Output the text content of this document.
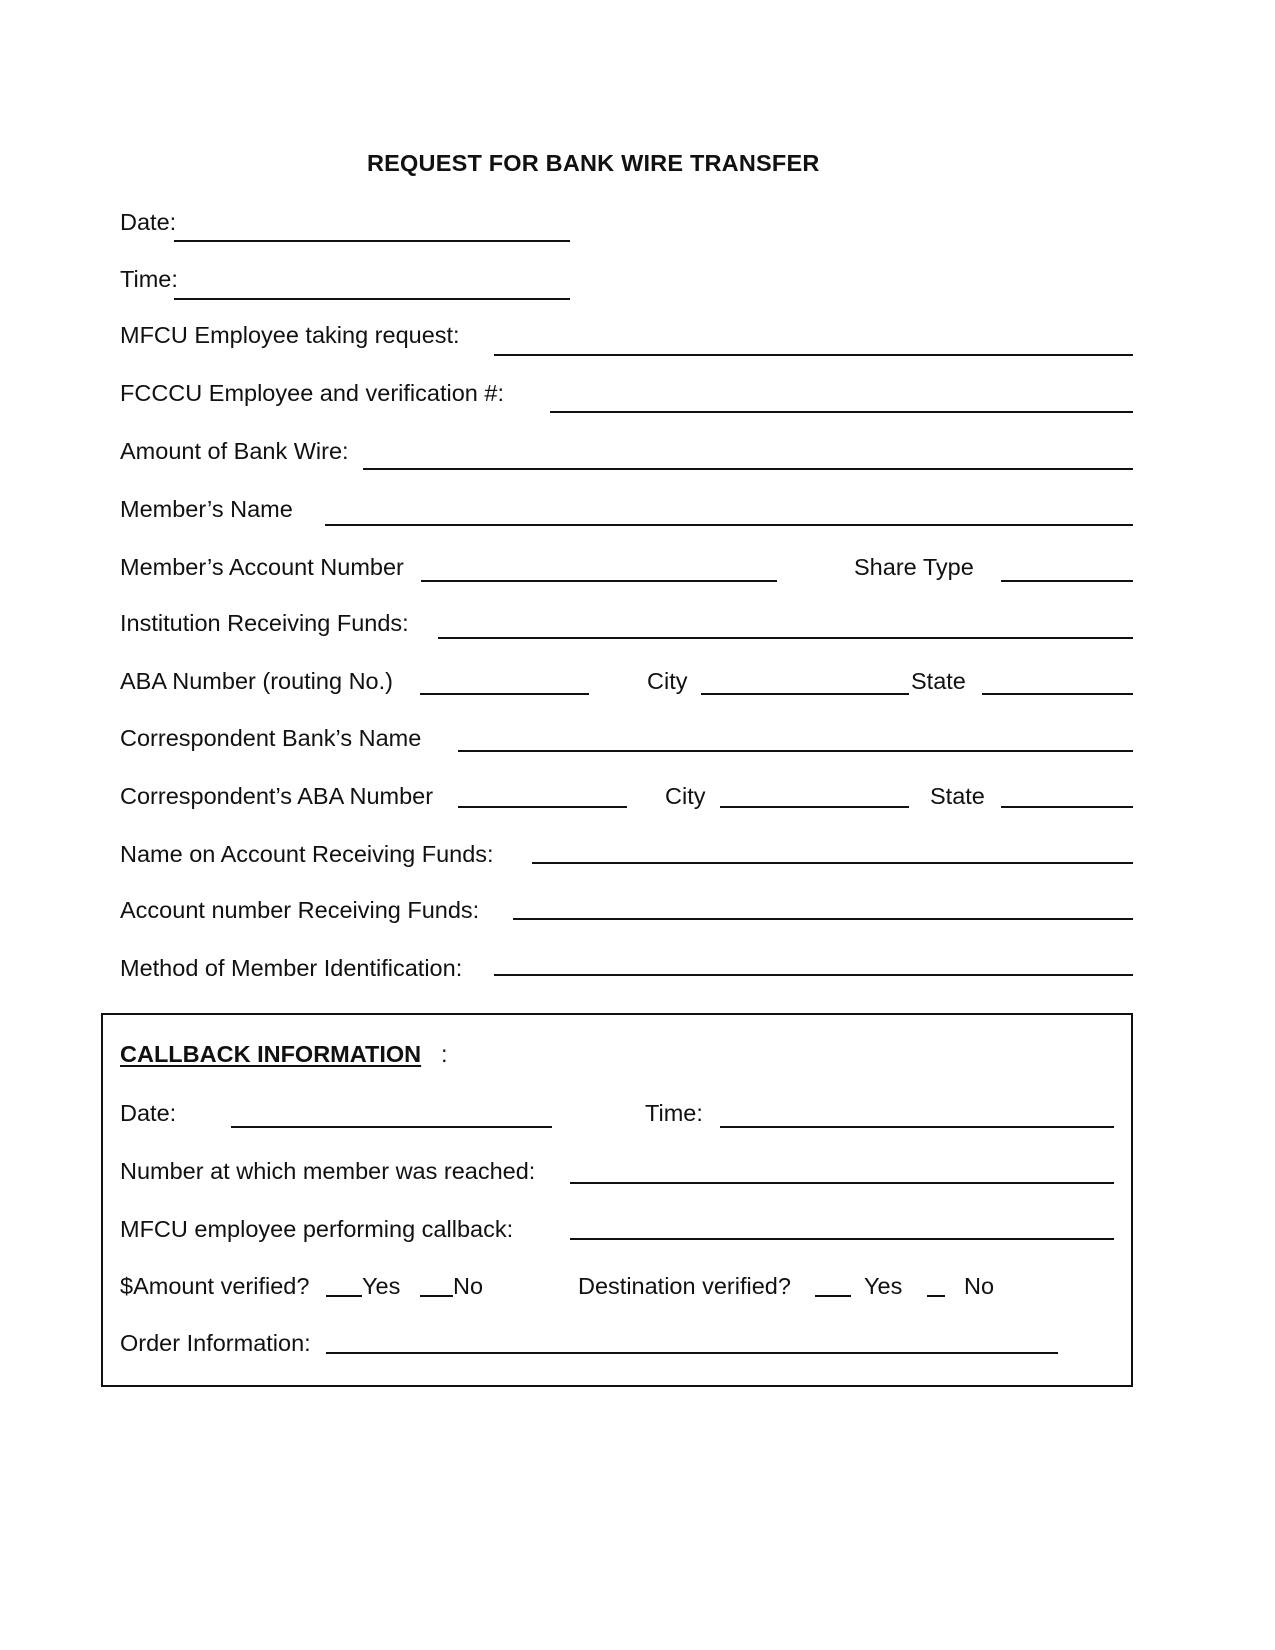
REQUEST FOR BANK WIRE TRANSFER
Date:
Time:
MFCU Employee taking request:
FCCCU Employee and verification #:
Amount of Bank Wire:
Member’s Name
Member’s Account Number	Share Type
Institution Receiving Funds:
ABA Number (routing No.)	City	State
Correspondent Bank’s Name
Correspondent’s ABA Number	City	State
Name on Account Receiving Funds:
Account number Receiving Funds:
Method of Member Identification:
CALLBACK INFORMATION :
Date:	Time:
Number at which member was reached:
MFCU employee performing callback:
$Amount verified? Yes No	Destination verified?	Yes	No
Order Information:
